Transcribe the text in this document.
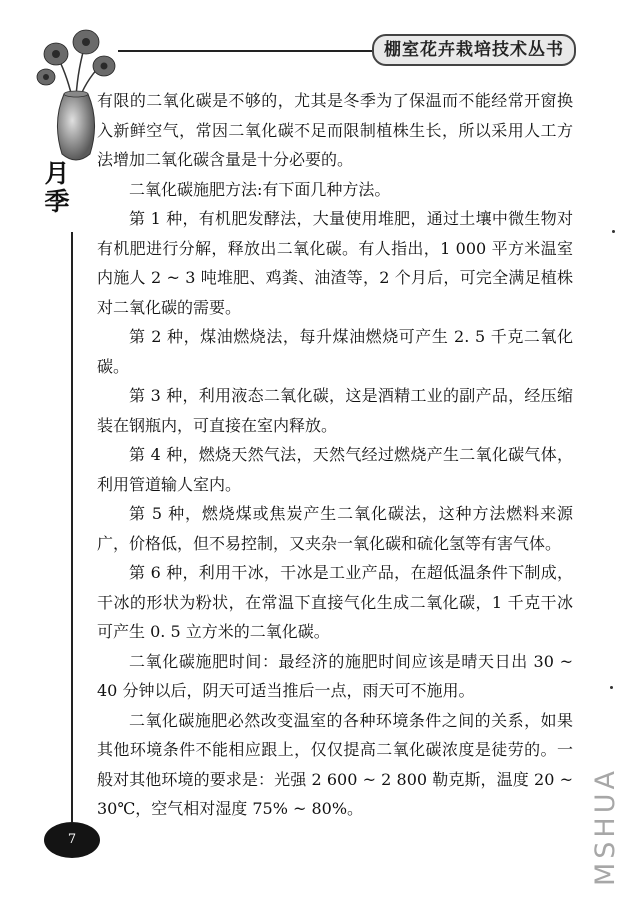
棚室花卉栽培技术丛书
月季

有限的二氧化碳是不够的，尤其是冬季为了保温而不能经常开窗换入新鲜空气，常因二氧化碳不足而限制植株生长，所以采用人工方法增加二氧化碳含量是十分必要的。

二氧化碳施肥方法:有下面几种方法。

第 1 种，有机肥发酵法，大量使用堆肥，通过土壤中微生物对有机肥进行分解，释放出二氧化碳。有人指出，1 000 平方米温室内施人 2 ~ 3 吨堆肥、鸡粪、油渣等，2 个月后，可完全满足植株对二氧化碳的需要。

第 2 种，煤油燃烧法，每升煤油燃烧可产生 2. 5 千克二氧化碳。

第 3 种，利用液态二氧化碳，这是酒精工业的副产品，经压缩装在钢瓶内，可直接在室内释放。

第 4 种，燃烧天然气法，天然气经过燃烧产生二氧化碳气体，利用管道输人室内。

第 5 种，燃烧煤或焦炭产生二氧化碳法，这种方法燃料来源广，价格低，但不易控制，又夹杂一氧化碳和硫化氢等有害气体。

第 6 种，利用干冰，干冰是工业产品，在超低温条件下制成，干冰的形状为粉状，在常温下直接气化生成二氧化碳，1 千克干冰可产生 0. 5 立方米的二氧化碳。

二氧化碳施肥时间：最经济的施肥时间应该是晴天日出 30 ~ 40 分钟以后，阴天可适当推后一点，雨天可不施用。

二氧化碳施肥必然改变温室的各种环境条件之间的关系，如果其他环境条件不能相应跟上，仅仅提高二氧化碳浓度是徒劳的。一般对其他环境的要求是：光强 2 600 ~ 2 800 勒克斯，温度 20 ~ 30℃，空气相对湿度 75% ~ 80%。

7	MSHUA
